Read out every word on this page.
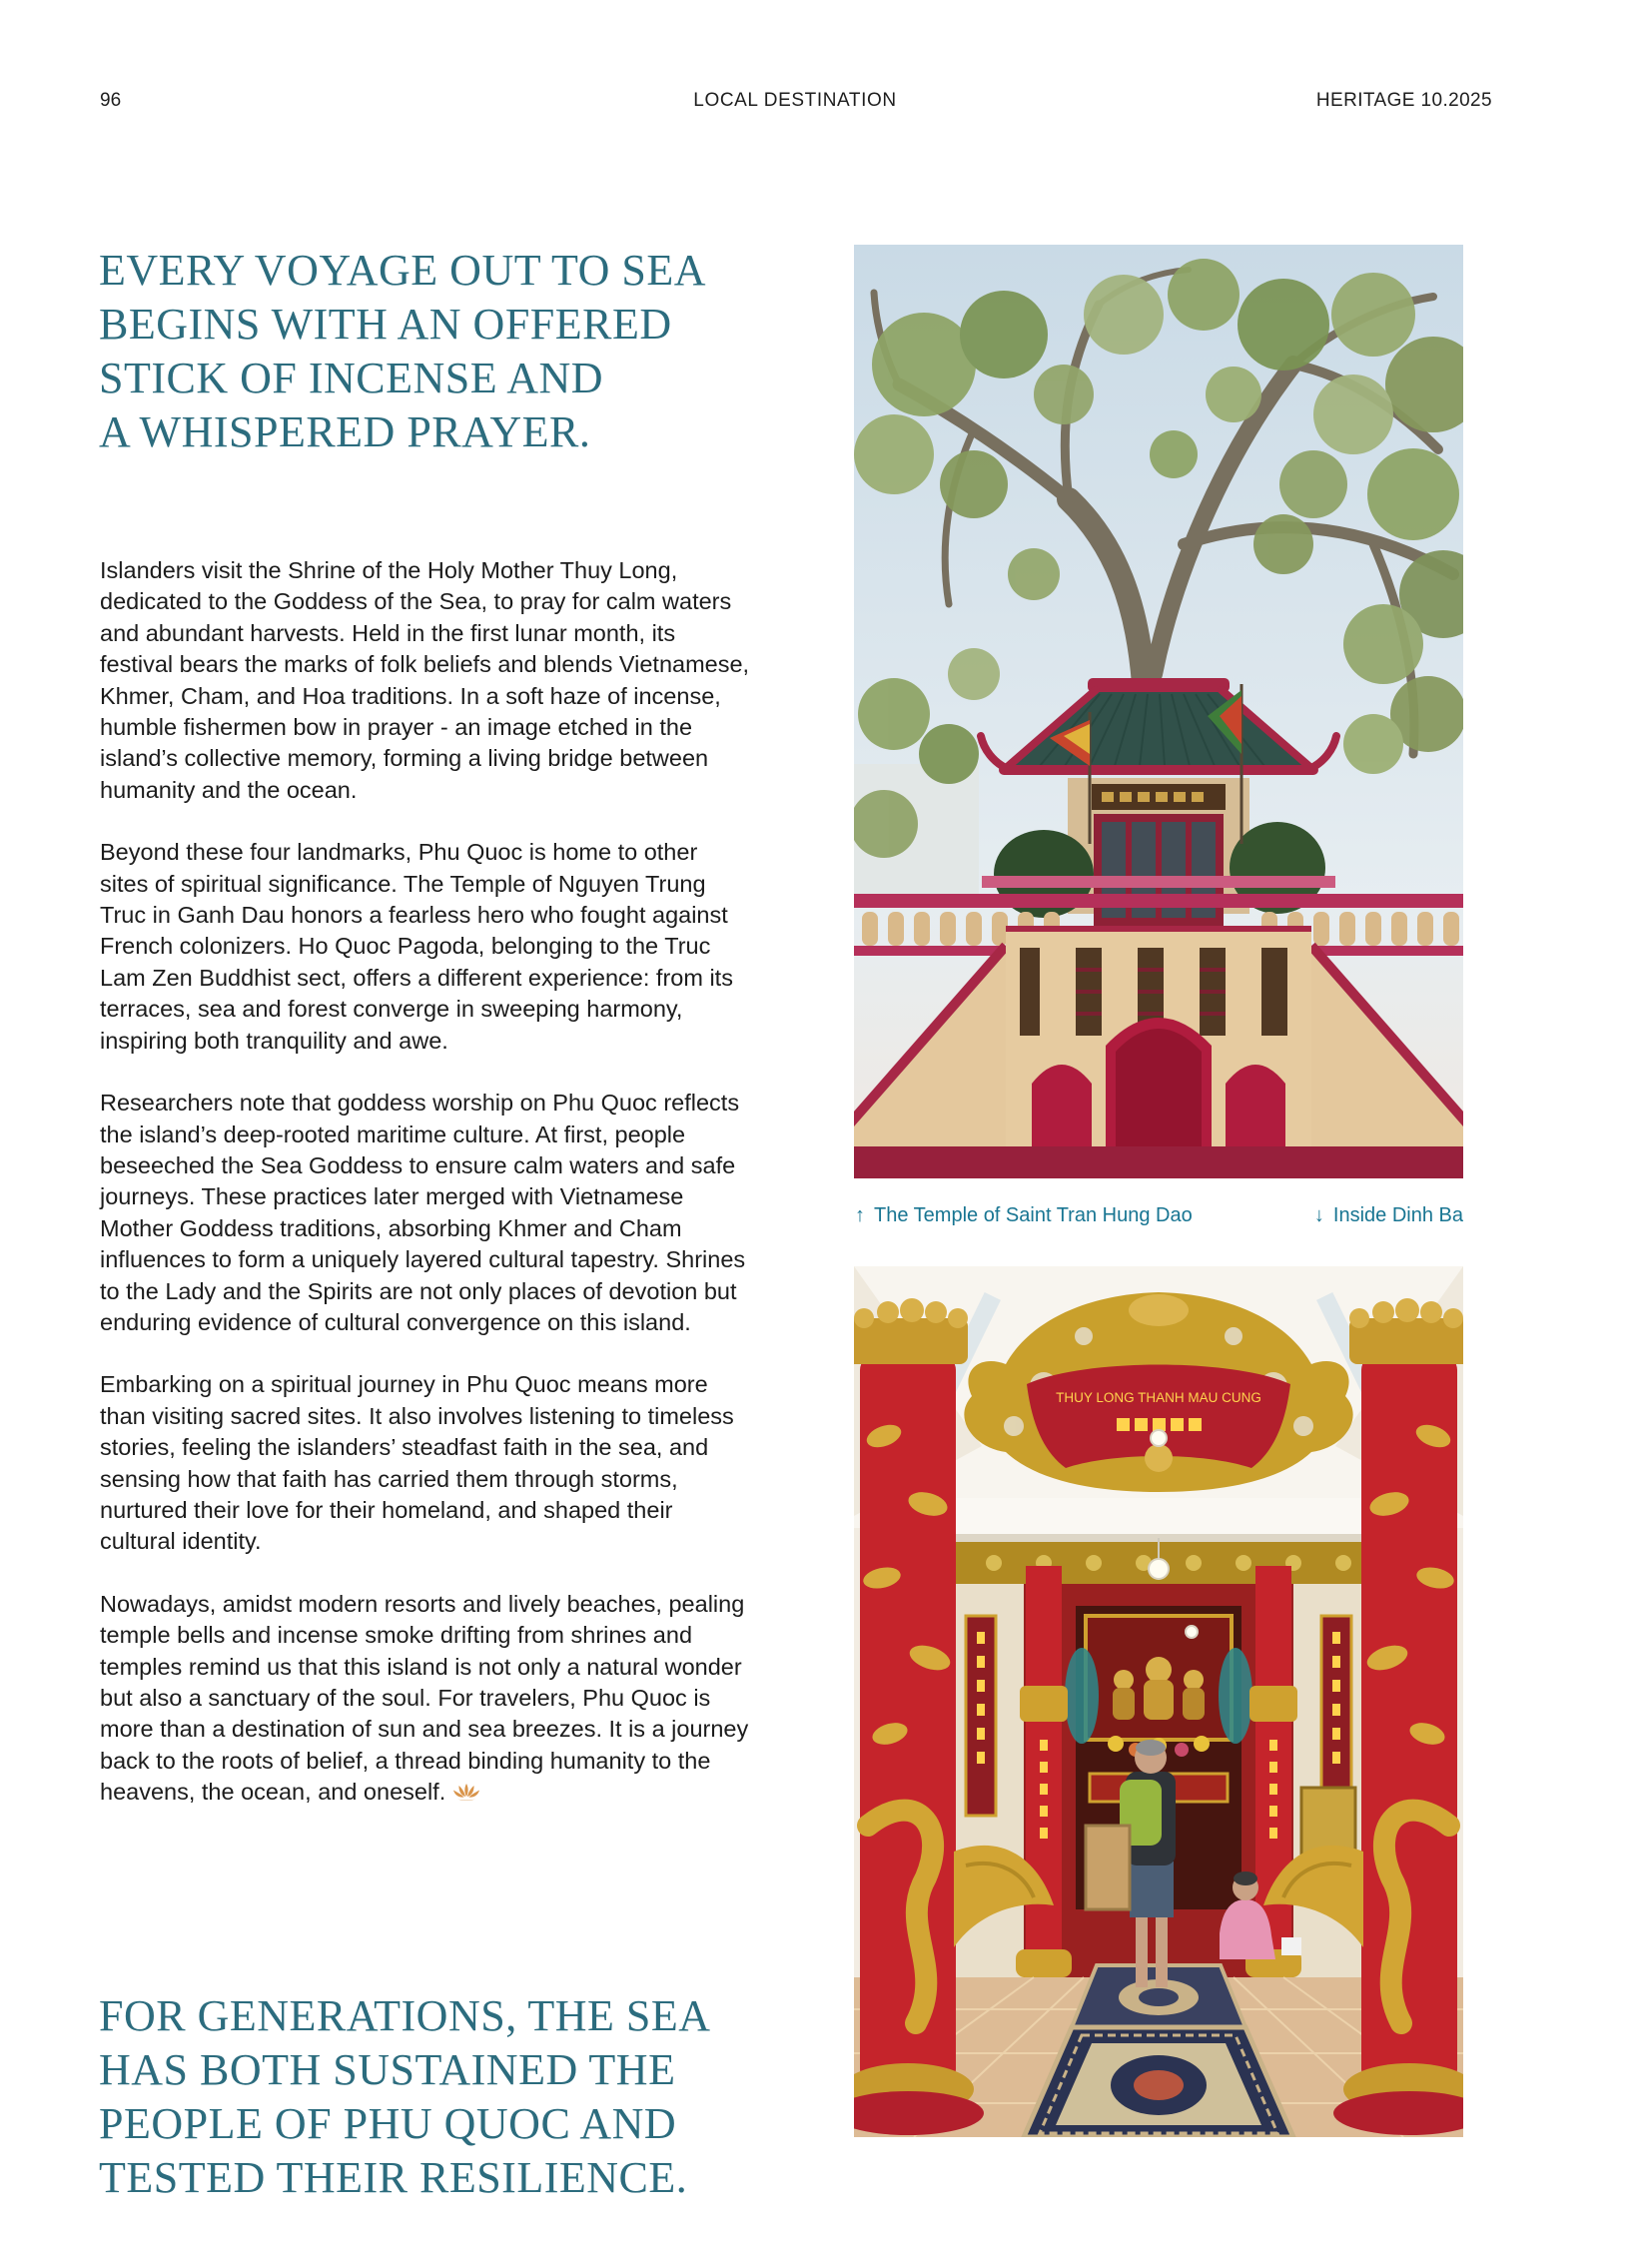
96	LOCAL DESTINATION	HERITAGE 10.2025
EVERY VOYAGE OUT TO SEA
BEGINS WITH AN OFFERED
STICK OF INCENSE AND
A WHISPERED PRAYER.

Islanders visit the Shrine of the Holy Mother Thuy Long, dedicated to the Goddess of the Sea, to pray for calm waters and abundant harvests. Held in the first lunar month, its festival bears the marks of folk beliefs and blends Vietnamese, Khmer, Cham, and Hoa traditions. In a soft haze of incense, humble fishermen bow in prayer - an image etched in the island’s collective memory, forming a living bridge between humanity and the ocean.

Beyond these four landmarks, Phu Quoc is home to other sites of spiritual significance. The Temple of Nguyen Trung Truc in Ganh Dau honors a fearless hero who fought against French colonizers. Ho Quoc Pagoda, belonging to the Truc Lam Zen Buddhist sect, offers a different experience: from its terraces, sea and forest converge in sweeping harmony, inspiring both tranquility and awe.

Researchers note that goddess worship on Phu Quoc reflects the island’s deep-rooted maritime culture. At first, people beseeched the Sea Goddess to ensure calm waters and safe journeys. These practices later merged with Vietnamese Mother Goddess traditions, absorbing Khmer and Cham influences to form a uniquely layered cultural tapestry. Shrines to the Lady and the Spirits are not only places of devotion but enduring evidence of cultural convergence on this island.

Embarking on a spiritual journey in Phu Quoc means more than visiting sacred sites. It also involves listening to timeless stories, feeling the islanders’ steadfast faith in the sea, and sensing how that faith has carried them through storms, nurtured their love for their homeland, and shaped their cultural identity.

Nowadays, amidst modern resorts and lively beaches, pealing temple bells and incense smoke drifting from shrines and temples remind us that this island is not only a natural wonder but also a sanctuary of the soul. For travelers, Phu Quoc is more than a destination of sun and sea breezes. It is a journey back to the roots of belief, a thread binding humanity to the heavens, the ocean, and oneself.

FOR GENERATIONS, THE SEA
HAS BOTH SUSTAINED THE
PEOPLE OF PHU QUOC AND
TESTED THEIR RESILIENCE.
↑ The Temple of Saint Tran Hung Dao	↓ Inside Dinh Ba
THUY LONG THANH MAU CUNG
